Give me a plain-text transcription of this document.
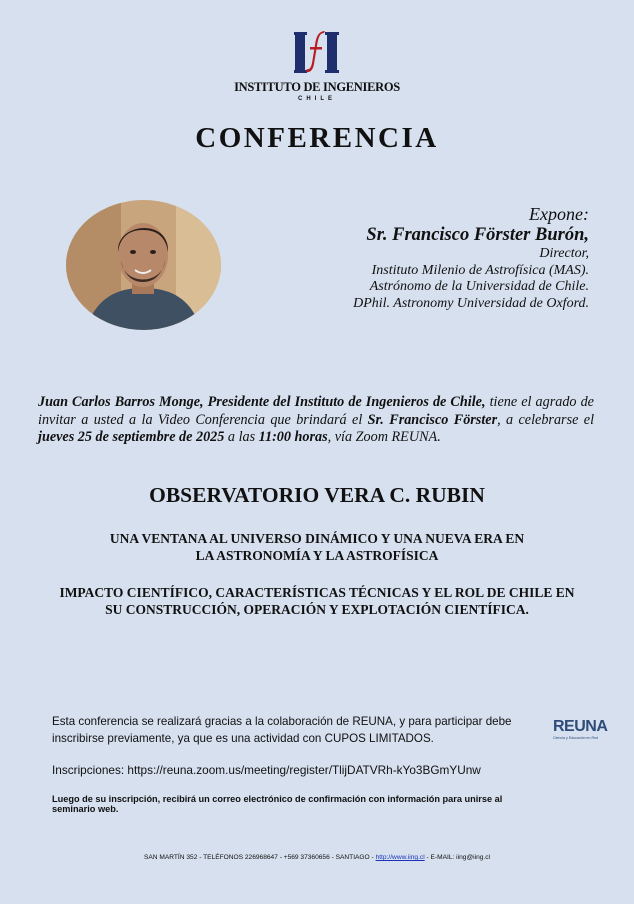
INSTITUTO DE INGENIEROS
CHILE
CONFERENCIA
Expone:
Sr. Francisco Förster Burón,
Director,
Instituto Milenio de Astrofísica (MAS).
Astrónomo de la Universidad de Chile.
DPhil. Astronomy Universidad de Oxford.
Juan Carlos Barros Monge, Presidente del Instituto de Ingenieros de Chile, tiene el agrado de invitar a usted a la Video Conferencia que brindará el Sr. Francisco Förster, a celebrarse el jueves 25 de septiembre de 2025 a las 11:00 horas, vía Zoom REUNA.
OBSERVATORIO VERA C. RUBIN
UNA VENTANA AL UNIVERSO DINÁMICO Y UNA NUEVA ERA EN
LA ASTRONOMÍA Y LA ASTROFÍSICA
IMPACTO CIENTÍFICO, CARACTERÍSTICAS TÉCNICAS Y EL ROL DE CHILE EN
SU CONSTRUCCIÓN, OPERACIÓN Y EXPLOTACIÓN CIENTÍFICA.
Esta conferencia se realizará gracias a la colaboración de REUNA, y para participar debe
inscribirse previamente, ya que es una actividad con CUPOS LIMITADOS.
REUNA
Ciencia y Educación en Red
Inscripciones: https://reuna.zoom.us/meeting/register/TlijDATVRh-kYo3BGmYUnw
Luego de su inscripción, recibirá un correo electrónico de confirmación con información para unirse al seminario web.
SAN MARTÍN 352 - TELÉFONOS 226968647 - +569 37360656 - SANTIAGO - http://www.iing.cl - E-MAIL: iing@iing.cl
